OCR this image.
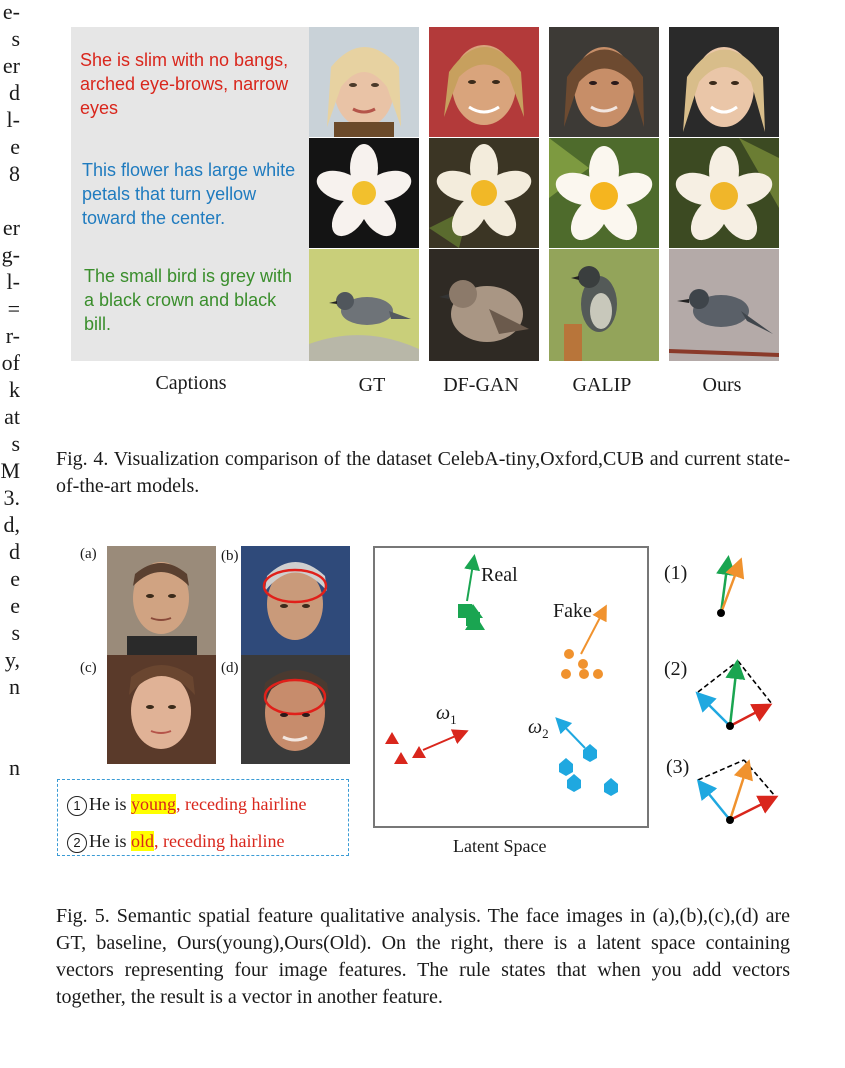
e-
s
er
d
l-
e
8
er
g-
l-
=
r-
of
k
at
s
M
3.
d,
d
e
e
s
y,
n
n
She is slim with no bangs, arched eye-brows, narrow eyes
This flower has large white petals that turn yellow toward the center.
The small bird is grey with a black crown and black bill.
Captions	GT	DF-GAN	GALIP	Ours
Fig. 4. Visualization comparison of the dataset CelebA-tiny,Oxford,CUB and current state-of-the-art models.
(a)	(b)
(c)	(d)
1 He is young, receding hairline
2 He is old, receding hairline
Real
Fake
$\omega_1$	$\omega_2$
Latent Space
(1)
(2)
(3)
Fig. 5. Semantic spatial feature qualitative analysis. The face images in (a),(b),(c),(d) are GT, baseline, Ours(young),Ours(Old). On the right, there is a latent space containing vectors representing four image features. The rule states that when you add vectors together, the result is a vector in another feature.
